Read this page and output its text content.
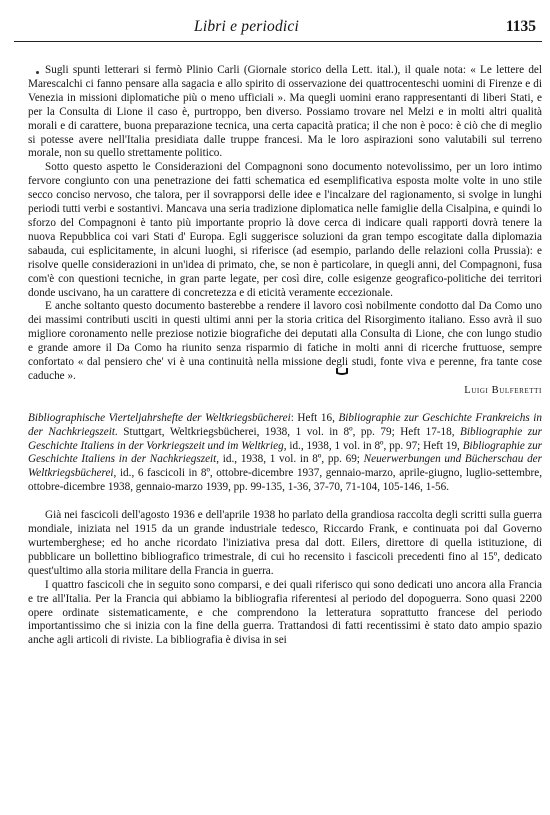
Libri e periodici	1135

Sugli spunti letterari si fermò Plinio Carli (Giornale storico della Lett. ital.), il quale nota: « Le lettere del Marescalchi ci fanno pensare alla sagacia e allo spirito di osservazione dei quattrocenteschi uomini di Firenze e di Venezia in missioni diplomatiche più o meno ufficiali ». Ma quegli uomini erano rappresentanti di liberi Stati, e per la Consulta di Lione il caso è, purtroppo, ben diverso. Possiamo trovare nel Melzi e in molti altri qualità morali e di carattere, buona preparazione tecnica, una certa capacità pratica; il che non è poco: è ciò che di meglio si potesse avere nell'Italia presidiata dalle truppe francesi. Ma le loro aspirazioni sono valutabili sul terreno morale, non su quello strettamente politico.

Sotto questo aspetto le Considerazioni del Compagnoni sono documento notevolissimo, per un loro intimo fervore congiunto con una penetrazione dei fatti schematica ed esemplificativa esposta molte volte in uno stile secco conciso nervoso, che talora, per il sovrapporsi delle idee e l'incalzare del ragionamento, si svolge in lunghi periodi tutti verbi e sostantivi. Mancava una seria tradizione diplomatica nelle famiglie della Cisalpina, e quindi lo sforzo del Compagnoni è tanto più importante proprio là dove cerca di indicare quali rapporti dovrà tenere la nuova Repubblica coi vari Stati d' Europa. Egli suggerisce soluzioni da gran tempo escogitate dalla diplomazia sabauda, cui esplicitamente, in alcuni luoghi, si riferisce (ad esempio, parlando delle relazioni colla Prussia): e risolve quelle considerazioni in un'idea di primato, che, se non è particolare, in quegli anni, del Compagnoni, fusa com'è con questioni tecniche, in gran parte legate, per così dire, colle esigenze geografico-politiche dei territori donde uscivano, ha un carattere di concretezza e di eticità veramente eccezionale.

E anche soltanto questo documento basterebbe a rendere il lavoro così nobilmente condotto dal Da Como uno dei massimi contributi usciti in questi ultimi anni per la storia critica del Risorgimento italiano. Esso avrà il suo migliore coronamento nelle preziose notizie biografiche dei deputati alla Consulta di Lione, che con lungo studio e grande amore il Da Como ha riunito senza risparmio di fatiche in molti anni di ricerche fruttuose, sempre confortato « dal pensiero che' vi è una continuità nella missione degli studi, fonte viva e perenne, fra tante cose caduche ».

Luigi Bulferetti

Bibliographische Vierteljahrshefte der Weltkriegsbücherei: Heft 16, Bibliographie zur Geschichte Frankreichs in der Nachkriegszeit. Stuttgart, Weltkriegsbücherei, 1938, 1 vol. in 8º, pp. 79; Heft 17-18, Bibliographie zur Geschichte Italiens in der Vorkriegszeit und im Weltkrieg, id., 1938, 1 vol. in 8º, pp. 97; Heft 19, Bibliographie zur Geschichte Italiens in der Nachkriegszeit, id., 1938, 1 vol. in 8º, pp. 69; Neuerwerbungen und Bücherschau der Weltkriegsbücherei, id., 6 fascicoli in 8º, ottobre-dicembre 1937, gennaio-marzo, aprile-giugno, luglio-settembre, ottobre-dicembre 1938, gennaio-marzo 1939, pp. 99-135, 1-36, 37-70, 71-104, 105-146, 1-56.

Già nei fascicoli dell'agosto 1936 e dell'aprile 1938 ho parlato della grandiosa raccolta degli scritti sulla guerra mondiale, iniziata nel 1915 da un grande industriale tedesco, Riccardo Frank, e continuata poi dal Governo wurtemberghese; ed ho anche ricordato l'iniziativa presa dal dott. Eilers, direttore di quella istituzione, di pubblicare un bollettino bibliografico trimestrale, di cui ho recensito i fascicoli precedenti fino al 15º, dedicato quest'ultimo alla storia militare della Francia in guerra.

I quattro fascicoli che in seguito sono comparsi, e dei quali riferisco qui sono dedicati uno ancora alla Francia e tre all'Italia. Per la Francia qui abbiamo la bibliografia riferentesi al periodo del dopoguerra. Sono quasi 2200 opere ordinate sistematicamente, e che comprendono la letteratura soprattutto francese del periodo importantissimo che si inizia con la fine della guerra. Trattandosi di fatti recentissimi è stato dato ampio spazio anche agli articoli di riviste. La bibliografia è divisa in sei
